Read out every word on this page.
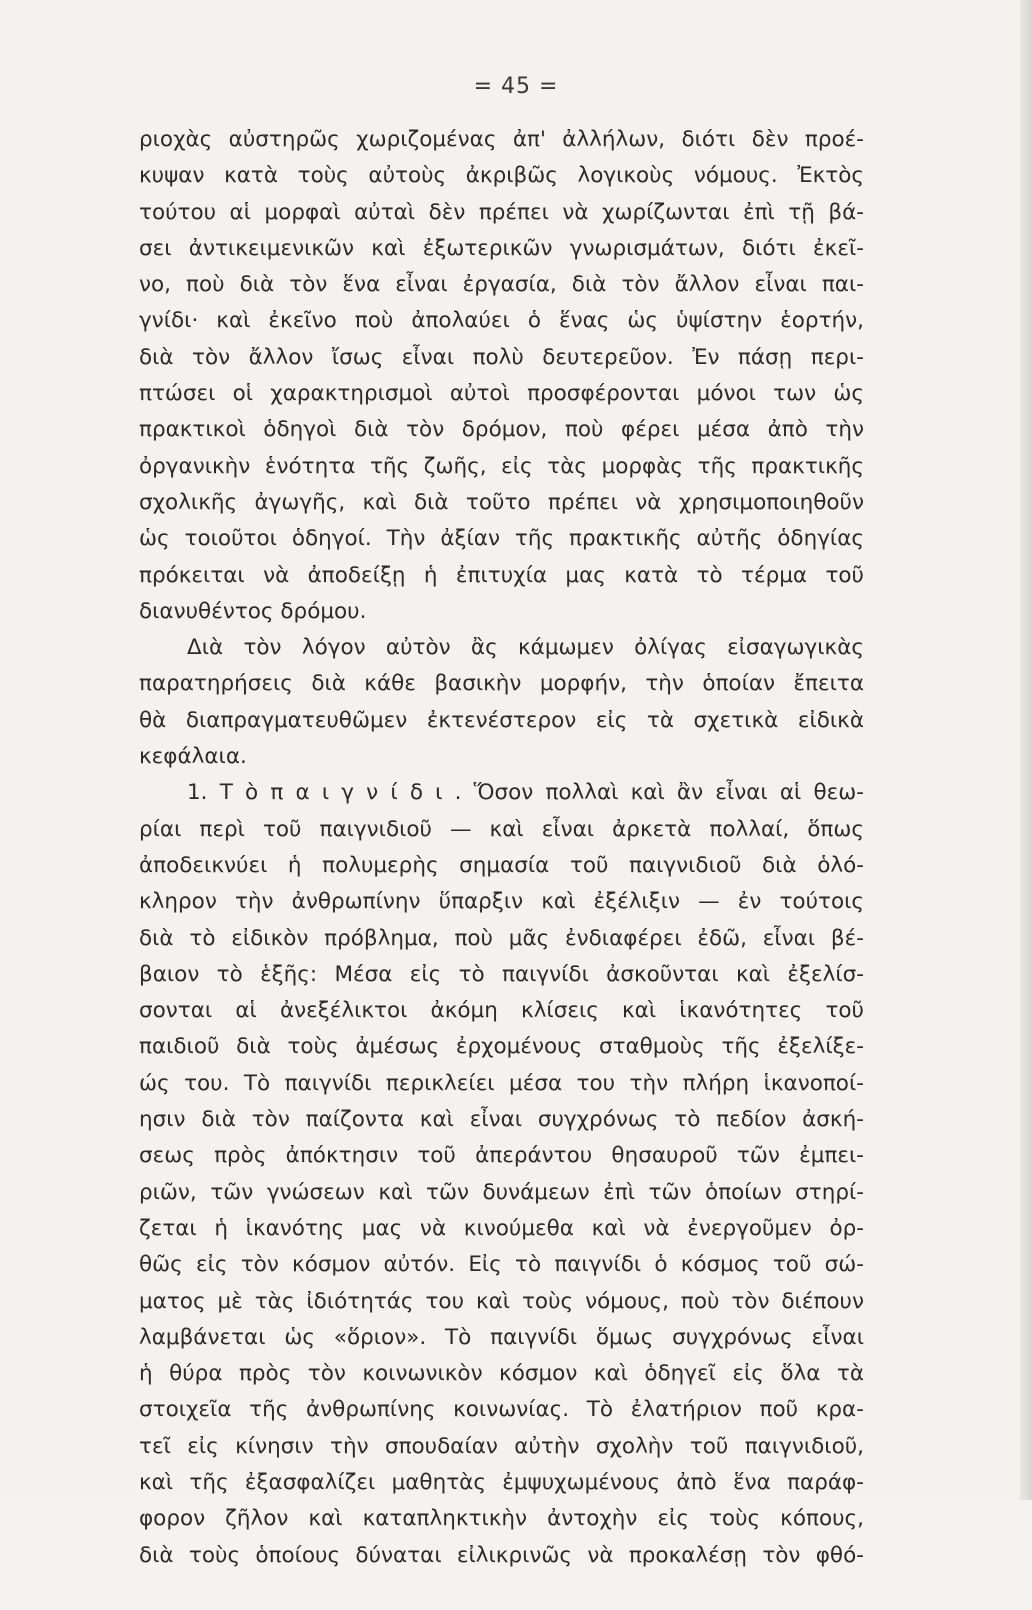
= 45 =
ριοχὰς αὐστηρῶς χωριζομένας ἀπ' ἀλλήλων, διότι δὲν προέ-
κυψαν κατὰ τοὺς αὐτοὺς ἀκριβῶς λογικοὺς νόμους. Ἐκτὸς
τούτου αἱ μορφαὶ αὐταὶ δὲν πρέπει νὰ χωρίζωνται ἐπὶ τῇ βά-
σει ἀντικειμενικῶν καὶ ἐξωτερικῶν γνωρισμάτων, διότι ἐκεῖ-
νο, ποὺ διὰ τὸν ἕνα εἶναι ἐργασία, διὰ τὸν ἄλλον εἶναι παι-
γνίδι· καὶ ἐκεῖνο ποὺ ἀπολαύει ὁ ἕνας ὡς ὑψίστην ἑορτήν,
διὰ τὸν ἄλλον ἴσως εἶναι πολὺ δευτερεῦον. Ἐν πάσῃ περι-
πτώσει οἱ χαρακτηρισμοὶ αὐτοὶ προσφέρονται μόνοι των ὡς
πρακτικοὶ ὁδηγοὶ διὰ τὸν δρόμον, ποὺ φέρει μέσα ἀπὸ τὴν
ὀργανικὴν ἑνότητα τῆς ζωῆς, εἰς τὰς μορφὰς τῆς πρακτικῆς
σχολικῆς ἀγωγῆς, καὶ διὰ τοῦτο πρέπει νὰ χρησιμοποιηθοῦν
ὡς τοιοῦτοι ὁδηγοί. Τὴν ἀξίαν τῆς πρακτικῆς αὐτῆς ὁδηγίας
πρόκειται νὰ ἀποδείξῃ ἡ ἐπιτυχία μας κατὰ τὸ τέρμα τοῦ
διανυθέντος δρόμου.
Διὰ τὸν λόγον αὐτὸν ἂς κάμωμεν ὀλίγας εἰσαγωγικὰς
παρατηρήσεις διὰ κάθε βασικὴν μορφήν, τὴν ὁποίαν ἔπειτα
θὰ διαπραγματευθῶμεν ἐκτενέστερον εἰς τὰ σχετικὰ εἰδικὰ
κεφάλαια.
1. Τ ὸ π α ι γ ν ί δ ι . Ὅσον πολλαὶ καὶ ἂν εἶναι αἱ θεω-
ρίαι περὶ τοῦ παιγνιδιοῦ — καὶ εἶναι ἀρκετὰ πολλαί, ὅπως
ἀποδεικνύει ἡ πολυμερὴς σημασία τοῦ παιγνιδιοῦ διὰ ὁλό-
κληρον τὴν ἀνθρωπίνην ὕπαρξιν καὶ ἐξέλιξιν — ἐν τούτοις
διὰ τὸ εἰδικὸν πρόβλημα, ποὺ μᾶς ἐνδιαφέρει ἐδῶ, εἶναι βέ-
βαιον τὸ ἑξῆς: Μέσα εἰς τὸ παιγνίδι ἀσκοῦνται καὶ ἐξελίσ-
σονται αἱ ἀνεξέλικτοι ἀκόμη κλίσεις καὶ ἱκανότητες τοῦ
παιδιοῦ διὰ τοὺς ἀμέσως ἐρχομένους σταθμοὺς τῆς ἐξελίξε-
ώς του. Τὸ παιγνίδι περικλείει μέσα του τὴν πλήρη ἱκανοποί-
ησιν διὰ τὸν παίζοντα καὶ εἶναι συγχρόνως τὸ πεδίον ἀσκή-
σεως πρὸς ἀπόκτησιν τοῦ ἀπεράντου θησαυροῦ τῶν ἐμπει-
ριῶν, τῶν γνώσεων καὶ τῶν δυνάμεων ἐπὶ τῶν ὁποίων στηρί-
ζεται ἡ ἱκανότης μας νὰ κινούμεθα καὶ νὰ ἐνεργοῦμεν ὀρ-
θῶς εἰς τὸν κόσμον αὐτόν. Εἰς τὸ παιγνίδι ὁ κόσμος τοῦ σώ-
ματος μὲ τὰς ἰδιότητάς του καὶ τοὺς νόμους, ποὺ τὸν διέπουν
λαμβάνεται ὡς «ὅριον». Τὸ παιγνίδι ὅμως συγχρόνως εἶναι
ἡ θύρα πρὸς τὸν κοινωνικὸν κόσμον καὶ ὁδηγεῖ εἰς ὅλα τὰ
στοιχεῖα τῆς ἀνθρωπίνης κοινωνίας. Τὸ ἐλατήριον ποῦ κρα-
τεῖ εἰς κίνησιν τὴν σπουδαίαν αὐτὴν σχολὴν τοῦ παιγνιδιοῦ,
καὶ τῆς ἐξασφαλίζει μαθητὰς ἐμψυχωμένους ἀπὸ ἕνα παράφ-
φορον ζῆλον καὶ καταπληκτικὴν ἀντοχὴν εἰς τοὺς κόπους,
διὰ τοὺς ὁποίους δύναται εἰλικρινῶς νὰ προκαλέσῃ τὸν φθό-
